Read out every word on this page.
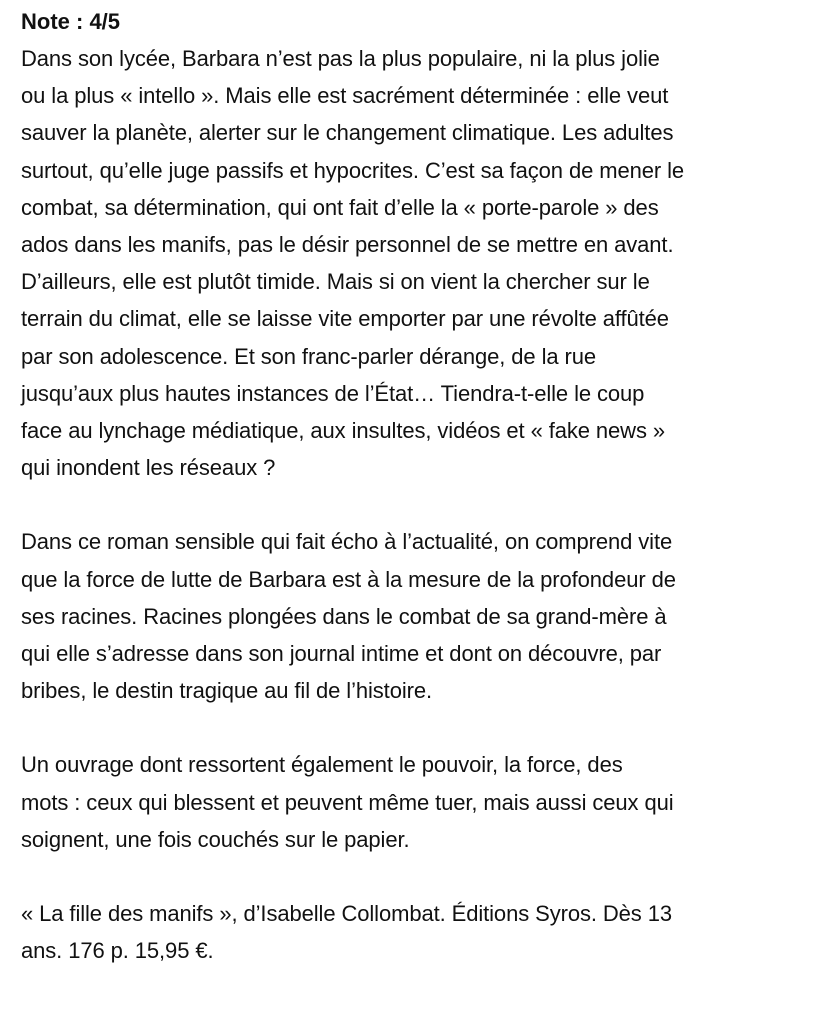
Note : 4/5

Dans son lycée, Barbara n’est pas la plus populaire, ni la plus jolie
ou la plus « intello ». Mais elle est sacrément déterminée : elle veut
sauver la planète, alerter sur le changement climatique. Les adultes
surtout, qu’elle juge passifs et hypocrites. C’est sa façon de mener le
combat, sa détermination, qui ont fait d’elle la « porte-parole » des
ados dans les manifs, pas le désir personnel de se mettre en avant.
D’ailleurs, elle est plutôt timide. Mais si on vient la chercher sur le
terrain du climat, elle se laisse vite emporter par une révolte affûtée
par son adolescence. Et son franc-parler dérange, de la rue
jusqu’aux plus hautes instances de l’État… Tiendra-t-elle le coup
face au lynchage médiatique, aux insultes, vidéos et « fake news »
qui inondent les réseaux ?

Dans ce roman sensible qui fait écho à l’actualité, on comprend vite
que la force de lutte de Barbara est à la mesure de la profondeur de
ses racines. Racines plongées dans le combat de sa grand-mère à
qui elle s’adresse dans son journal intime et dont on découvre, par
bribes, le destin tragique au fil de l’histoire.

Un ouvrage dont ressortent également le pouvoir, la force, des
mots : ceux qui blessent et peuvent même tuer, mais aussi ceux qui
soignent, une fois couchés sur le papier.

« La fille des manifs », d’Isabelle Collombat. Éditions Syros. Dès 13
ans. 176 p. 15,95 €.
